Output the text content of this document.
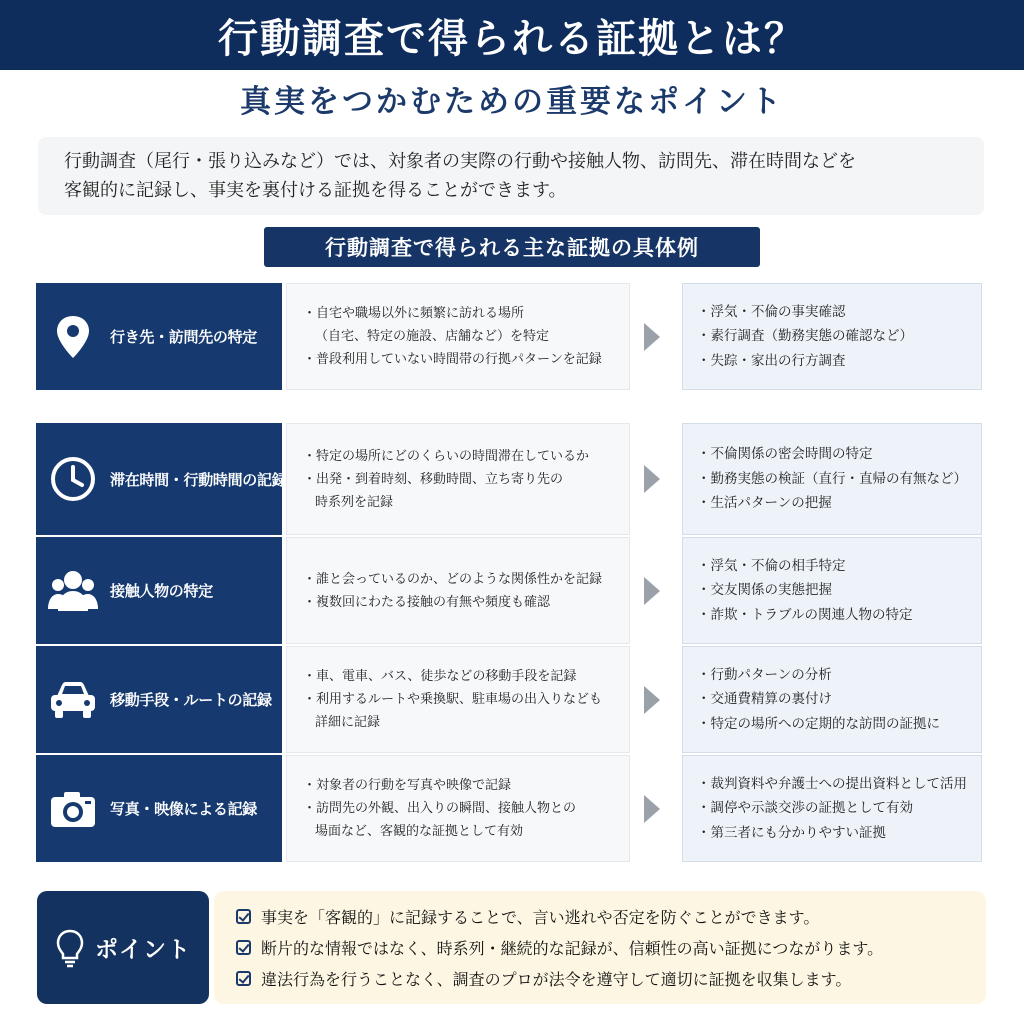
行動調査で得られる証拠とは？
真実をつかむための重要なポイント
行動調査（尾行・張り込みなど）では、対象者の実際の行動や接触人物、訪問先、滞在時間などを
客観的に記録し、事実を裏付ける証拠を得ることができます。
行動調査で得られる主な証拠の具体例
行き先・訪問先の特定
・自宅や職場以外に頻繁に訪れる場所
（自宅、特定の施設、店舗など）を特定
・普段利用していない時間帯の行拠パターンを記録
・浮気・不倫の事実確認
・素行調査（勤務実態の確認など）
・失踪・家出の行方調査
滞在時間・行動時間の記録
・特定の場所にどのくらいの時間滞在しているか
・出発・到着時刻、移動時間、立ち寄り先の
時系列を記録
・不倫関係の密会時間の特定
・勤務実態の検証（直行・直帰の有無など）
・生活パターンの把握
接触人物の特定
・誰と会っているのか、どのような関係性かを記録
・複数回にわたる接触の有無や頻度も確認
・浮気・不倫の相手特定
・交友関係の実態把握
・詐欺・トラブルの関連人物の特定
移動手段・ルートの記録
・車、電車、バス、徒歩などの移動手段を記録
・利用するルートや乗換駅、駐車場の出入りなども
詳細に記録
・行動パターンの分析
・交通費精算の裏付け
・特定の場所への定期的な訪問の証拠に
写真・映像による記録
・対象者の行動を写真や映像で記録
・訪問先の外観、出入りの瞬間、接触人物との
場面など、客観的な証拠として有効
・裁判資料や弁護士への提出資料として活用
・調停や示談交渉の証拠として有効
・第三者にも分かりやすい証拠
ポイント
事実を「客観的」に記録することで、言い逃れや否定を防ぐことができます。
断片的な情報ではなく、時系列・継続的な記録が、信頼性の高い証拠につながります。
違法行為を行うことなく、調査のプロが法令を遵守して適切に証拠を収集します。
